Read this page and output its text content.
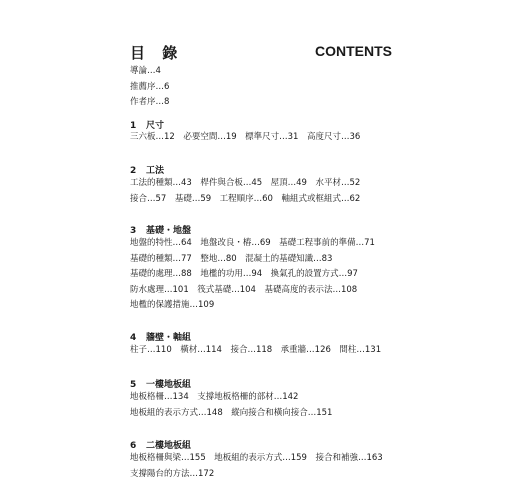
目 錄	CONTENTS
導論…4
推薦序…6
作者序…8
1 尺寸
三六板…12　必要空間…19　標準尺寸…31　高度尺寸…36
2 工法
工法的種類…43　桿件與合板…45　屋頂…49　水平材…52
接合…57　基礎…59　工程順序…60　軸組式或框組式…62
3 基礎・地盤
地盤的特性…64　地盤改良・樁…69　基礎工程事前的準備…71
基礎的種類…77　整地…80　混凝土的基礎知識…83
基礎的處理…88　地檻的功用…94　換氣孔的設置方式…97
防水處理…101　筏式基礎…104　基礎高度的表示法…108
地檻的保護措施…109
4 牆壁・軸組
柱子…110　橫材…114　接合…118　承重牆…126　間柱…131
5 一樓地板組
地板格柵…134　支撐地板格柵的部材…142
地板組的表示方式…148　縱向接合和橫向接合…151
6 二樓地板組
地板格柵與梁…155　地板組的表示方式…159　接合和補強…163
支撐陽台的方法…172
